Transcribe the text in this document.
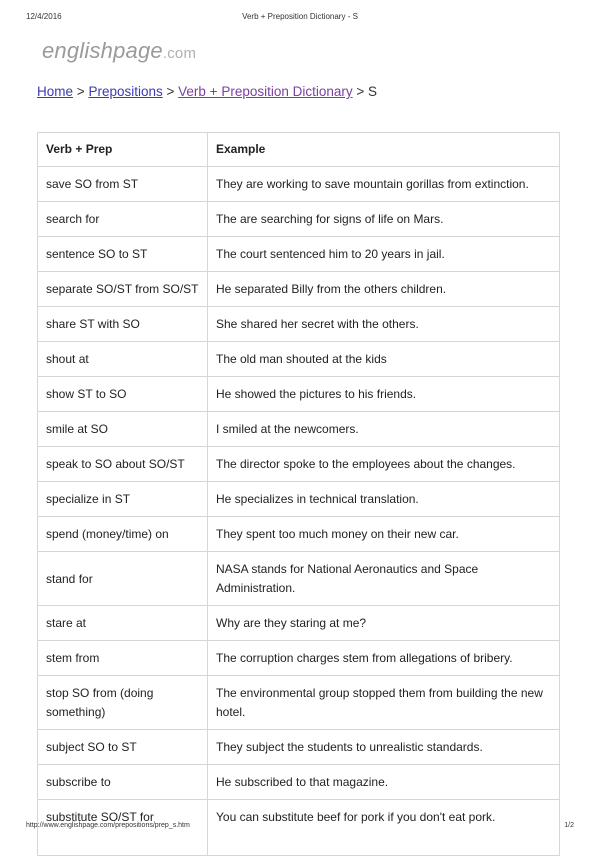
12/4/2016	Verb + Preposition Dictionary - S
englishpage.com
Home > Prepositions > Verb + Preposition Dictionary > S
Verb + Prep	Example
save SO from ST	They are working to save mountain gorillas from extinction.
search for	The are searching for signs of life on Mars.
sentence SO to ST	The court sentenced him to 20 years in jail.
separate SO/ST from SO/ST	He separated Billy from the others children.
share ST with SO	She shared her secret with the others.
shout at	The old man shouted at the kids
show ST to SO	He showed the pictures to his friends.
smile at SO	I smiled at the newcomers.
speak to SO about SO/ST	The director spoke to the employees about the changes.
specialize in ST	He specializes in technical translation.
spend (money/time) on	They spent too much money on their new car.
stand for	NASA stands for National Aeronautics and Space Administration.
stare at	Why are they staring at me?
stem from	The corruption charges stem from allegations of bribery.
stop SO from (doing something)	The environmental group stopped them from building the new hotel.
subject SO to ST	They subject the students to unrealistic standards.
subscribe to	He subscribed to that magazine.
substitute SO/ST for	You can substitute beef for pork if you don't eat pork.
http://www.englishpage.com/prepositions/prep_s.htm	1/2
